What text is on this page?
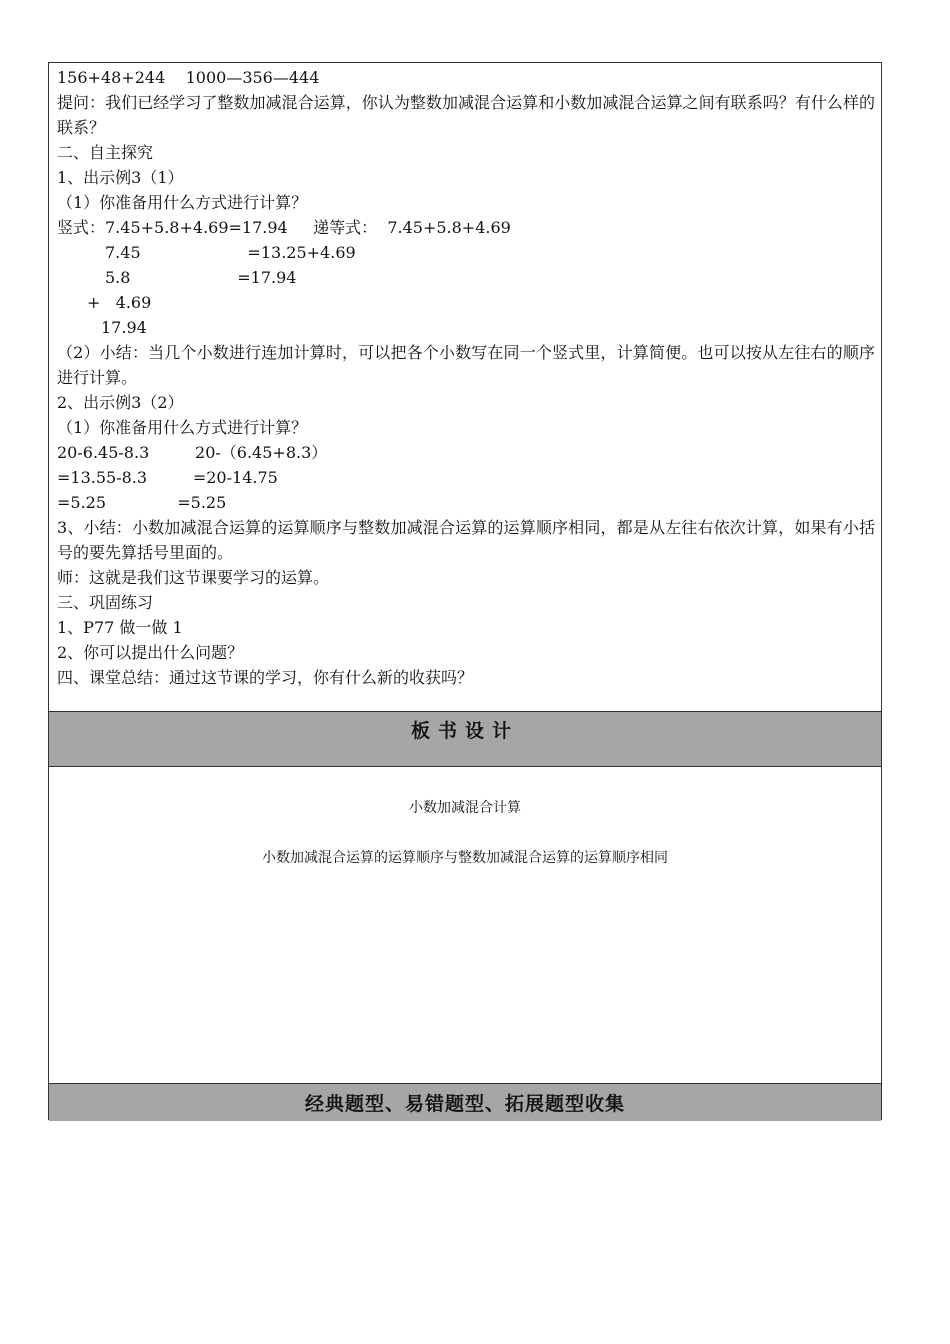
156+48+244    1000—356—444
提问：我们已经学习了整数加减混合运算，你认为整数加减混合运算和小数加减混合运算之间有联系吗？有什么样的联系？
二、自主探究
1、出示例3（1）
（1）你准备用什么方式进行计算？
竖式：7.45+5.8+4.69=17.94     递等式：  7.45+5.8+4.69
7.45                     =13.25+4.69
5.8                     =17.94
+   4.69
17.94
（2）小结：当几个小数进行连加计算时，可以把各个小数写在同一个竖式里，计算简便。也可以按从左往右的顺序进行计算。
2、出示例3（2）
（1）你准备用什么方式进行计算？
20-6.45-8.3         20-（6.45+8.3）
=13.55-8.3         =20-14.75
=5.25              =5.25
3、小结：小数加减混合运算的运算顺序与整数加减混合运算的运算顺序相同，都是从左往右依次计算，如果有小括号的要先算括号里面的。
师：这就是我们这节课要学习的运算。
三、巩固练习
1、P77 做一做 1
2、你可以提出什么问题？
四、课堂总结：通过这节课的学习，你有什么新的收获吗？
板书设计
小数加减混合计算
小数加减混合运算的运算顺序与整数加减混合运算的运算顺序相同
经典题型、易错题型、拓展题型收集
